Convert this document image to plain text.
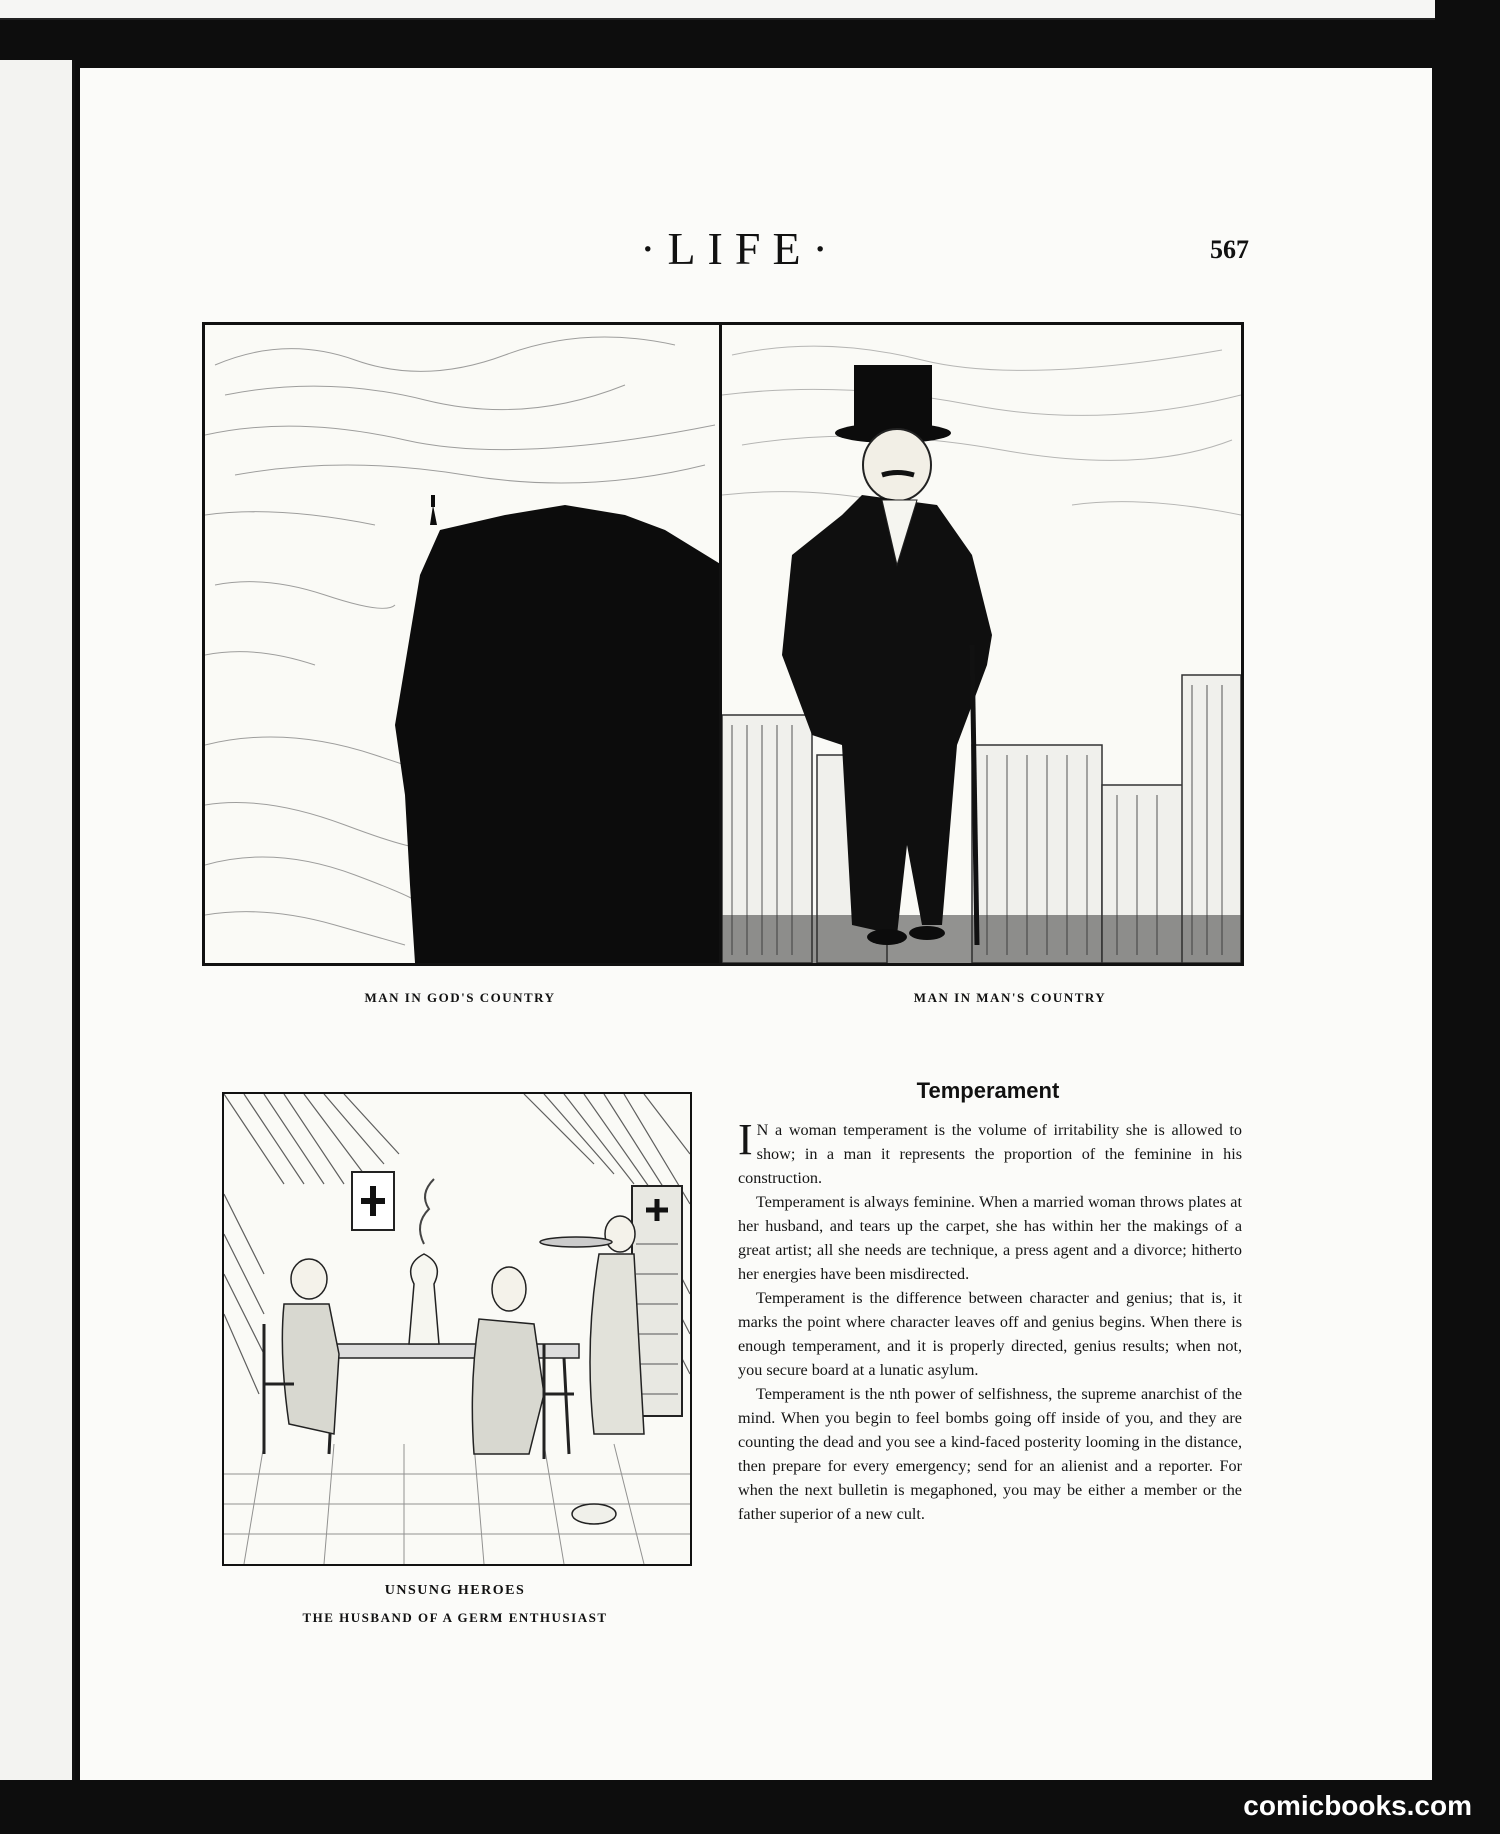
·LIFE·	567
MAN IN GOD'S COUNTRY	MAN IN MAN'S COUNTRY
UNSUNG HEROES
THE HUSBAND OF A GERM ENTHUSIAST
Temperament

I N a woman temperament is the volume of irritability she is allowed to show; in a man it represents the proportion of the feminine in his construction.

Temperament is always feminine. When a married woman throws plates at her husband, and tears up the carpet, she has within her the makings of a great artist; all she needs are technique, a press agent and a divorce; hitherto her energies have been misdirected.

Temperament is the difference between character and genius; that is, it marks the point where character leaves off and genius begins. When there is enough temperament, and it is properly directed, genius results; when not, you secure board at a lunatic asylum.

Temperament is the nth power of selfishness, the supreme anarchist of the mind. When you begin to feel bombs going off inside of you, and they are counting the dead and you see a kind-faced posterity looming in the distance, then prepare for every emergency; send for an alienist and a reporter. For when the next bulletin is megaphoned, you may be either a member or the father superior of a new cult.

comicbooks.com
